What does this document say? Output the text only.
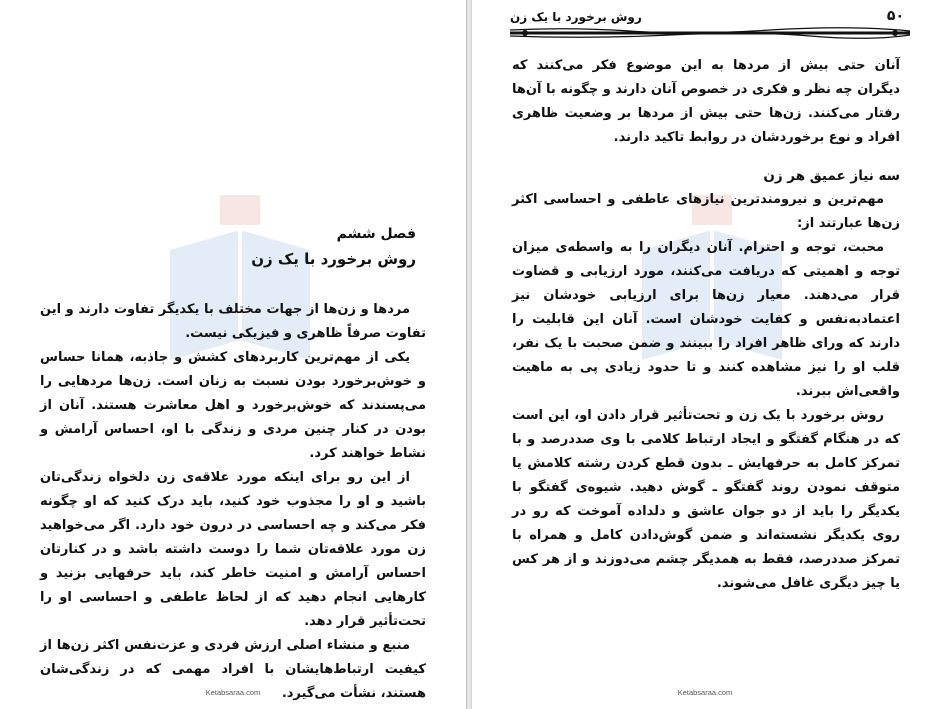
فصل ششم
روش برخورد با یک زن

مردها و زن‌ها از جهات مختلف با یکدیگر تفاوت دارند و این تفاوت صرفاً ظاهری و فیزیکی نیست.

یکی از مهم‌ترین کاربردهای کشش و جاذبه، همانا حساس و خوش‌برخورد بودن نسبت به زنان است. زن‌ها مردهایی را می‌پسندند که خوش‌برخورد و اهل معاشرت هستند. آنان از بودن در کنار چنین مردی و زندگی با او، احساس آرامش و نشاط خواهند کرد.

از این رو برای اینکه مورد علاقه‌ی زن دلخواه زندگی‌تان باشید و او را مجذوب خود کنید، باید درک کنید که او چگونه فکر می‌کند و چه احساسی در درون خود دارد. اگر می‌خواهید زن مورد علاقه‌تان شما را دوست داشته باشد و در کنارتان احساس آرامش و امنیت خاطر کند، باید حرفهایی بزنید و کارهایی انجام دهید که از لحاظ عاطفی و احساسی او را تحت‌تأثیر قرار دهد.

منبع و منشاء اصلی ارزش فردی و عزت‌نفس اکثر زن‌ها از کیفیت ارتباط‌هایشان با افراد مهمی که در زندگی‌شان هستند، نشأت می‌گیرد.

Ketabsaraa.com
روش برخورد با یک زن	۵۰

آنان حتی بیش از مردها به این موضوع فکر می‌کنند که دیگران چه نظر و فکری در خصوص آنان دارند و چگونه با آن‌ها رفتار می‌کنند. زن‌ها حتی بیش از مردها بر وضعیت ظاهری افراد و نوع برخوردشان در روابط تاکید دارند.

سه نیاز عمیق هر زن

مهم‌ترین و نیرومندترین نیازهای عاطفی و احساسی اکثر زن‌ها عبارتند از:

محبت، توجه و احترام. آنان دیگران را به واسطه‌ی میزان توجه و اهمیتی که دریافت می‌کنند، مورد ارزیابی و قضاوت قرار می‌دهند. معیار زن‌ها برای ارزیابی خودشان نیز اعتمادبه‌نفس و کفایت خودشان است. آنان این قابلیت را دارند که ورای ظاهر افراد را ببینند و ضمن صحبت با یک نفر، قلب او را نیز مشاهده کنند و تا حدود زیادی پی به ماهیت واقعی‌اش ببرند.

روش برخورد با یک زن و تحت‌تأثیر قرار دادن او، این است که در هنگام گفتگو و ایجاد ارتباط کلامی با وی صددرصد و با تمرکز کامل به حرفهایش ـ بدون قطع کردن رشته کلامش یا متوقف نمودن روند گفتگو ـ گوش دهید. شیوه‌ی گفتگو با یکدیگر را باید از دو جوان عاشق و دلداده آموخت که رو در روی یکدیگر نشسته‌اند و ضمن گوش‌دادن کامل و همراه با تمرکز صددرصد، فقط به همدیگر چشم می‌دوزند و از هر کس یا چیز دیگری غافل می‌شوند.

Ketabsaraa.com
